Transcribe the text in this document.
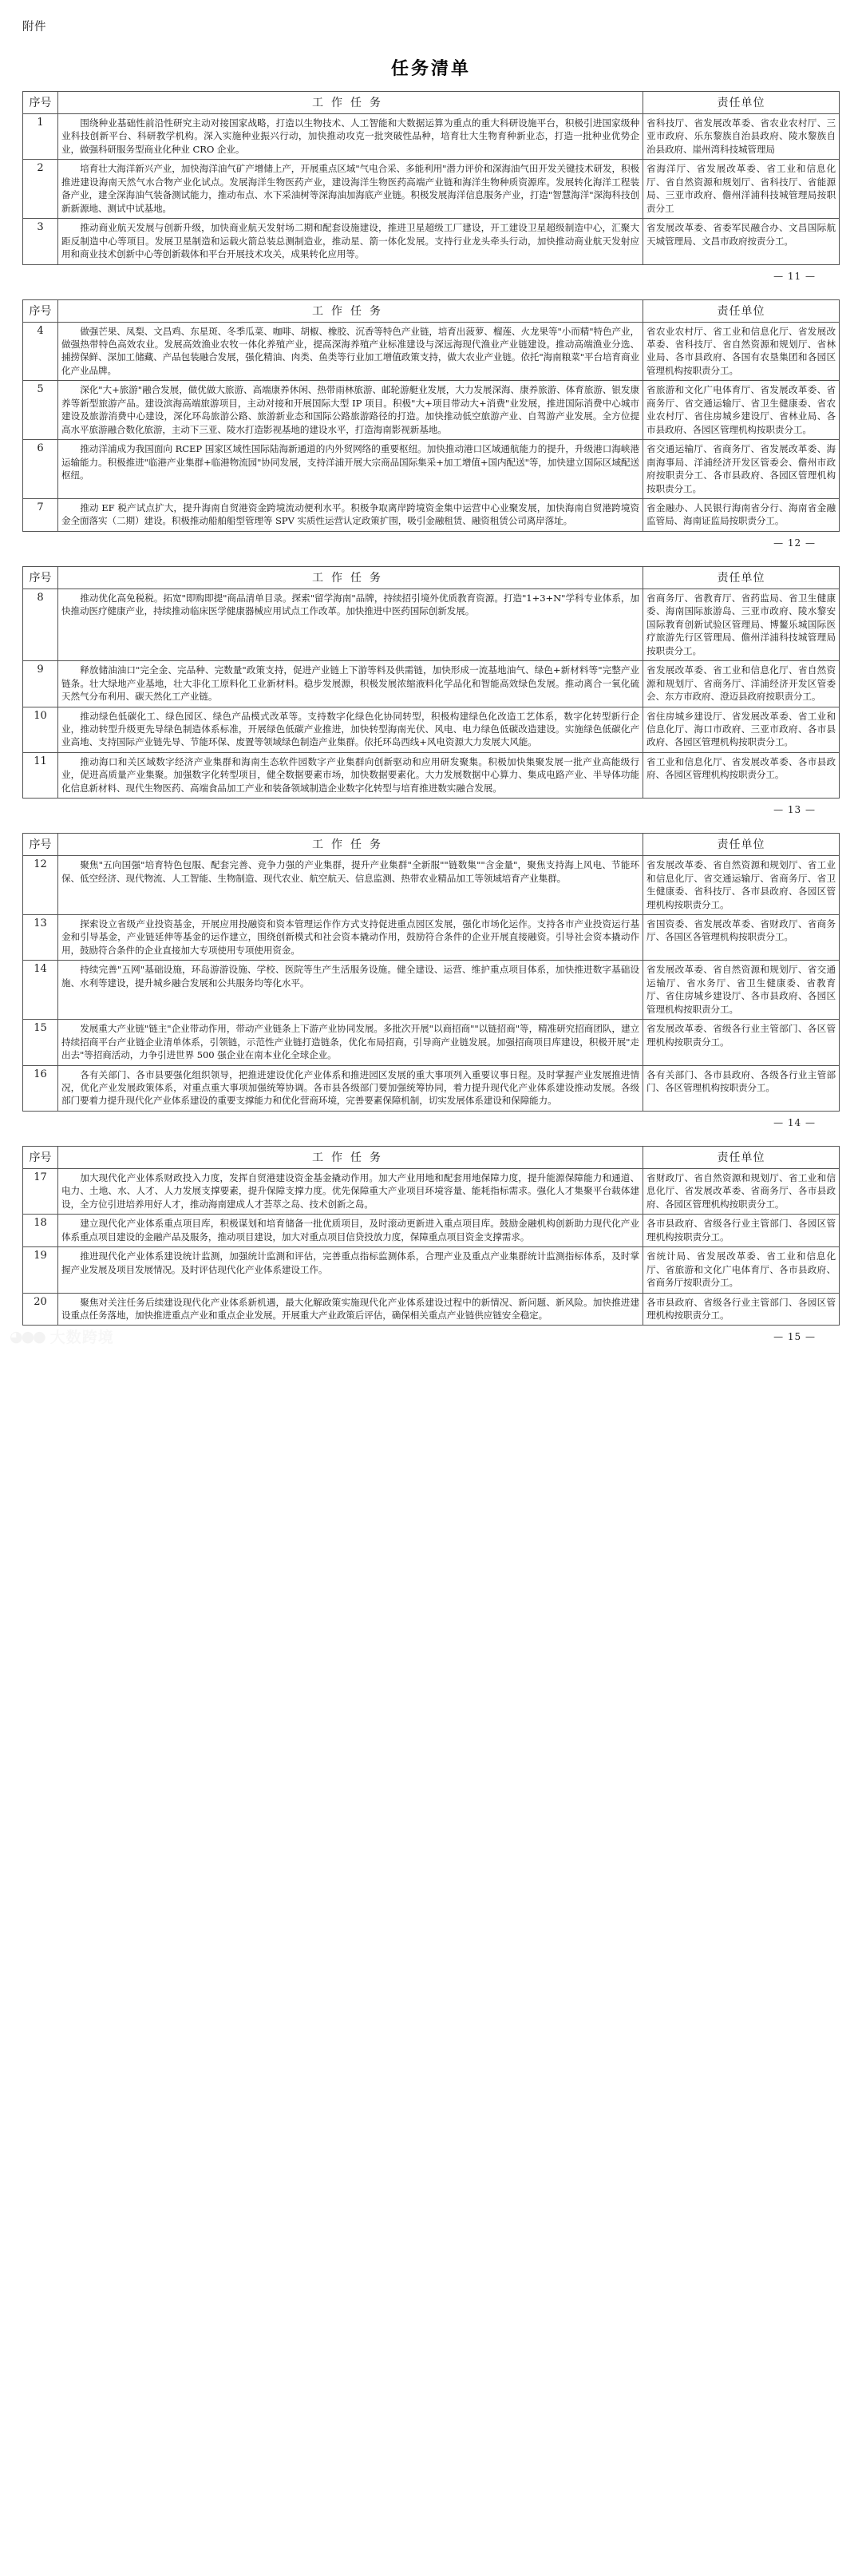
附件
任务清单
序号	工作任务	责任单位
1	围绕种业基础性前沿性研究主动对接国家战略，打造以生物技术、人工智能和大数据运算为重点的重大科研设施平台，积极引进国家级种业科技创新平台、科研教学机构。深入实施种业振兴行动，加快推动攻克一批突破性品种，培育壮大生物育种新业态，打造一批种业优势企业，做强科研服务型商业化种业 CRO 企业。	省科技厅、省发展改革委、省农业农村厅、三亚市政府、乐东黎族自治县政府、陵水黎族自治县政府、崖州湾科技城管理局

2	培育壮大海洋新兴产业，加快海洋油气矿产增储上产，开展重点区域"气电合采、多能利用"潜力评价和深海油气田开发关键技术研发，积极推进建设海南天然气水合物产业化试点。发展海洋生物医药产业，建设海洋生物医药高端产业链和海洋生物种质资源库。发展转化海洋工程装备产业，建全深海油气装备测试能力，推动布点、水下采油树等深海油加海底产业链。积极发展海洋信息服务产业，打造"智慧海洋"深海科技创新新源地、测试中试基地。	省海洋厅、省发展改革委、省工业和信息化厅、省自然资源和规划厅、省科技厅、省能源局、三亚市政府、儋州洋浦科技城管理局按职责分工

3	推动商业航天发展与创新升级，加快商业航天发射场二期和配套设施建设，推进卫星超级工厂建设，开工建设卫星超级制造中心，汇聚大距反制造中心等项目。发展卫星制造和运载火箭总装总测制造业，推动星、箭一体化发展。支持行业龙头牵头行动，加快推动商业航天发射应用和商业技术创新中心等创新载体和平台开展技术攻关，成果转化应用等。	省发展改革委、省委军民融合办、文昌国际航天城管理局、文昌市政府按责分工。

— 11 —
序号	工作任务	责任单位
4	做强芒果、凤梨、文昌鸡、东星斑、冬季瓜菜、咖啡、胡椒、橡胶、沉香等特色产业链，培育出菠萝、榴莲、火龙果等"小而精"特色产业，做强热带特色高效农业。发展高效渔业农牧一体化养殖产业，提高深海养殖产业标准建设与深远海现代渔业产业链建设。推动高端渔业分选、捕捞保鲜、深加工储藏、产品包装融合发展，强化精油、肉类、鱼类等行业加工增值政策支持，做大农业产业链。依托"海南粮菜"平台培育商业化产业品牌。	省农业农村厅、省工业和信息化厅、省发展改革委、省科技厅、省自然资源和规划厅、省林业局、各市县政府、各国有农垦集团和各园区管理机构按职责分工。

5	深化"大+旅游"融合发展，做优做大旅游、高端康养休闲、热带雨林旅游、邮轮游艇业发展，大力发展深海、康养旅游、体育旅游、银发康养等新型旅游产品。建设滨海高端旅游项目，主动对接和开展国际大型 IP 项目。积极"大+项目带动大+消费"业发展，推进国际消费中心城市建设及旅游消费中心建设，深化环岛旅游公路、旅游新业态和国际公路旅游路径的打造。加快推动低空旅游产业、自驾游产业发展。全方位提高水平旅游融合数化旅游，主动下三亚、陵水打造影视基地的建设水平，打造海南影视新基地。	省旅游和文化广电体育厅、省发展改革委、省商务厅、省交通运输厅、省卫生健康委、省农业农村厅、省住房城乡建设厅、省林业局、各市县政府、各园区管理机构按职责分工。

6	推动洋浦成为我国面向 RCEP 国家区域性国际陆海新通道的内外贸网络的重要枢纽。加快推动港口区域通航能力的提升，升级港口海峡港运输能力。积极推进"临港产业集群+临港物流园"协同发展，支持洋浦开展大宗商品国际集采+加工增值+国内配送"等，加快建立国际区域配送枢纽。	省交通运输厅、省商务厅、省发展改革委、海南海事局、洋浦经济开发区管委会、儋州市政府按职责分工、各市县政府、各园区管理机构按职责分工。

7	推动 EF 税产试点扩大，提升海南自贸港资金跨境流动便利水平。积极争取离岸跨境资金集中运营中心业聚发展，加快海南自贸港跨境资金全面落实（二期）建设。积极推动船舶船型管理等 SPV 实质性运营认定政策扩围，吸引金融租赁、融资租赁公司离岸落址。	省金融办、人民银行海南省分行、海南省金融监管局、海南证监局按职责分工。

— 12 —
序号	工作任务	责任单位
8	推动优化高免税税。拓宽"即购即提"商品清单目录。探索"留学海南"品牌，持续招引境外优质教育资源。打造"1+3+N"学科专业体系，加快推动医疗健康产业，持续推动临床医学健康器械应用试点工作改革。加快推进中医药国际创新发展。	省商务厅、省教育厅、省药监局、省卫生健康委、海南国际旅游岛、三亚市政府、陵水黎安国际教育创新试验区管理局、博鳌乐城国际医疗旅游先行区管理局、儋州洋浦科技城管理局按职责分工。

9	释放储油油口"完全金、完品种、完数量"政策支持，促进产业链上下游等料及供需链，加快形成一流基地油气、绿色+新材料等"完整产业链条。壮大绿地产业基地，壮大非化工原料化工业新材料。稳步发展源，积极发展浓缩液料化学品化和智能高效绿色发展。推动离合一氧化硫天然气分布利用、碳天然化工产业链。	省发展改革委、省工业和信息化厅、省自然资源和规划厅、省商务厅、洋浦经济开发区管委会、东方市政府、澄迈县政府按职责分工。

10	推动绿色低碳化工、绿色园区、绿色产品模式改革等。支持数字化绿色化协同转型，积极构建绿色化改造工艺体系，数字化转型新行企业，推动转型升级更先导绿色制造体系标准，开展绿色低碳产业推进，加快转型海南光伏、风电、电力绿色低碳改造建设。实施绿色低碳化产业高地、支持国际产业链先导、节能环保、废置等领域绿色制造产业集群。依托环岛西线+风电资源大力发展大风能。	省住房城乡建设厅、省发展改革委、省工业和信息化厅、海口市政府、三亚市政府、各市县政府、各园区管理机构按职责分工。

11	推动海口和关区域数字经济产业集群和海南生态软件园数字产业集群向创新驱动和应用研发聚集。积极加快集聚发展一批产业高能级行业，促进高质量产业集聚。加强数字化转型项目，健全数据要素市场，加快数据要素化。大力发展数据中心算力、集成电路产业、半导体功能化信息新材料、现代生物医药、高端食品加工产业和装备领域制造企业数字化转型与培育推进数实融合发展。	省工业和信息化厅、省发展改革委、各市县政府、各园区管理机构按职责分工。

— 13 —
序号	工作任务	责任单位
12	聚焦"五向国强"培育特色包服、配套完善、竞争力强的产业集群，提升产业集群"全新服""链数集""含金量"，聚焦支持海上风电、节能环保、低空经济、现代物流、人工智能、生物制造、现代农业、航空航天、信息监测、热带农业精品加工等领域培育产业集群。	省发展改革委、省自然资源和规划厅、省工业和信息化厅、省交通运输厅、省商务厅、省卫生健康委、省科技厅、各市县政府、各园区管理机构按职责分工。

13	探索设立省级产业投资基金，开展应用投融资和资本管理运作作方式支持促进重点园区发展，强化市场化运作。支持各市产业投资运行基金和引导基金，产业链延伸等基金的运作建立，围绕创新模式和社会资本撬动作用，鼓励符合条件的企业开展直接融资。引导社会资本撬动作用，鼓励符合条件的企业直接加大专项使用专项使用资金。	省国资委、省发展改革委、省财政厅、省商务厅、各国区各管理机构按职责分工。

14	持续完善"五网"基础设施，环岛游游设施、学校、医院等生产生活服务设施。健全建设、运营、维护重点项目体系，加快推进数字基础设施、水利等建设，提升城乡融合发展和公共服务均等化水平。	省发展改革委、省自然资源和规划厅、省交通运输厅、省水务厅、省卫生健康委、省教育厅、省住房城乡建设厅、各市县政府、各园区管理机构按职责分工。

15	发展重大产业链"链主"企业带动作用，带动产业链条上下游产业协同发展。多批次开展"以商招商""以链招商"等，精准研究招商团队，建立持续招商平台产业链企业清单体系，引领链，示范性产业链打造链条，优化布局招商，引导商产业链发展。加强招商项目库建设，积极开展"走出去"等招商活动，力争引进世界 500 强企业在南本业化全球企业。	省发展改革委、省级各行业主管部门、各区管理机构按职责分工。

16	各有关部门、各市县要强化组织领导，把推进建设优化产业体系和推进园区发展的重大事项列入重要议事日程。及时掌握产业发展推进情况，优化产业发展政策体系，对重点重大事项加强统筹协调。各市县各级部门要加强统筹协同，着力提升现代化产业体系建设推动发展。各级部门要着力提升现代化产业体系建设的重要支撑能力和优化营商环境，完善要素保障机制，切实发展体系建设和保障能力。	各有关部门、各市县政府、各级各行业主管部门、各区管理机构按职责分工。

— 14 —
序号	工作任务	责任单位
17	加大现代化产业体系财政投入力度，发挥自贸港建设资金基金撬动作用。加大产业用地和配套用地保障力度，提升能源保障能力和通道、电力、土地、水、人才、人力发展支撑要素，提升保障支撑力度。优先保障重大产业项目环境容量、能耗指标需求。强化人才集聚平台载体建设，全方位引进培养用好人才，推动海南建成人才荟萃之岛、技术创新之岛。	省财政厅、省自然资源和规划厅、省工业和信息化厅、省发展改革委、省商务厅、各市县政府、各园区管理机构按职责分工。

18	建立现代化产业体系重点项目库，积极谋划和培育储备一批优质项目，及时滚动更新进入重点项目库。鼓励金融机构创新助力现代化产业体系重点项目建设的金融产品及服务，推动项目建设，加大对重点项目信贷投放力度，保障重点项目资金支撑需求。	各市县政府、省级各行业主管部门、各园区管理机构按职责分工。

19	推进现代化产业体系建设统计监测，加强统计监测和评估，完善重点指标监测体系，合理产业及重点产业集群统计监测指标体系，及时掌握产业发展及项目发展情况。及时评估现代化产业体系建设工作。	省统计局、省发展改革委、省工业和信息化厅、省旅游和文化广电体育厅、各市县政府、省商务厅按职责分工。

20	聚焦对关注任务后续建设现代化产业体系新机遇，最大化解政策实施现代化产业体系建设过程中的新情况、新问题、新风险。加快推进建设重点任务落地，加快推进重点产业和重点企业发展。开展重大产业政策后评估，确保相关重点产业链供应链安全稳定。	各市县政府、省级各行业主管部门、各园区管理机构按职责分工。

— 15 —
◕●● 大数跨境
